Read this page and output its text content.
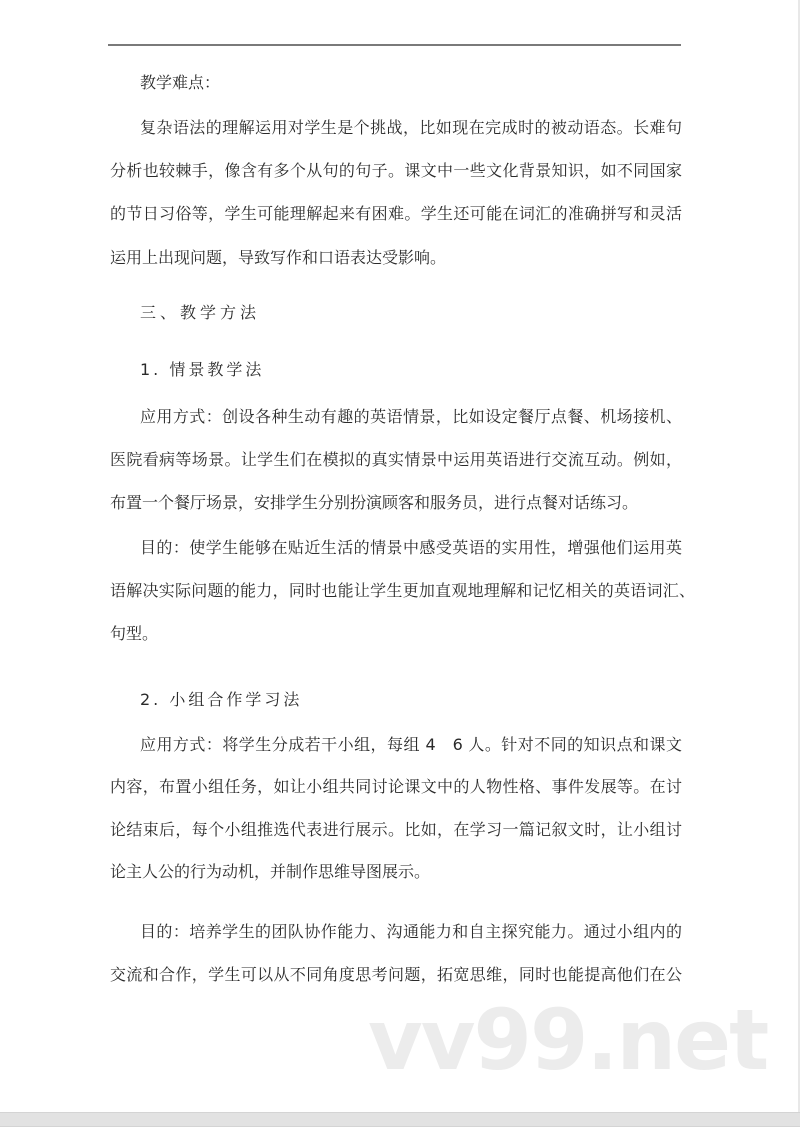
教学难点：
复杂语法的理解运用对学生是个挑战，比如现在完成时的被动语态。长难句
分析也较棘手，像含有多个从句的句子。课文中一些文化背景知识，如不同国家
的节日习俗等，学生可能理解起来有困难。学生还可能在词汇的准确拼写和灵活
运用上出现问题，导致写作和口语表达受影响。
三、教学方法
1. 情景教学法
应用方式：创设各种生动有趣的英语情景，比如设定餐厅点餐、机场接机、
医院看病等场景。让学生们在模拟的真实情景中运用英语进行交流互动。例如，
布置一个餐厅场景，安排学生分别扮演顾客和服务员，进行点餐对话练习。
目的：使学生能够在贴近生活的情景中感受英语的实用性，增强他们运用英
语解决实际问题的能力，同时也能让学生更加直观地理解和记忆相关的英语词汇、
句型。
2. 小组合作学习法
应用方式：将学生分成若干小组，每组 4　6 人。针对不同的知识点和课文
内容，布置小组任务，如让小组共同讨论课文中的人物性格、事件发展等。在讨
论结束后，每个小组推选代表进行展示。比如，在学习一篇记叙文时，让小组讨
论主人公的行为动机，并制作思维导图展示。
目的：培养学生的团队协作能力、沟通能力和自主探究能力。通过小组内的
交流和合作，学生可以从不同角度思考问题，拓宽思维，同时也能提高他们在公
vv99.net
